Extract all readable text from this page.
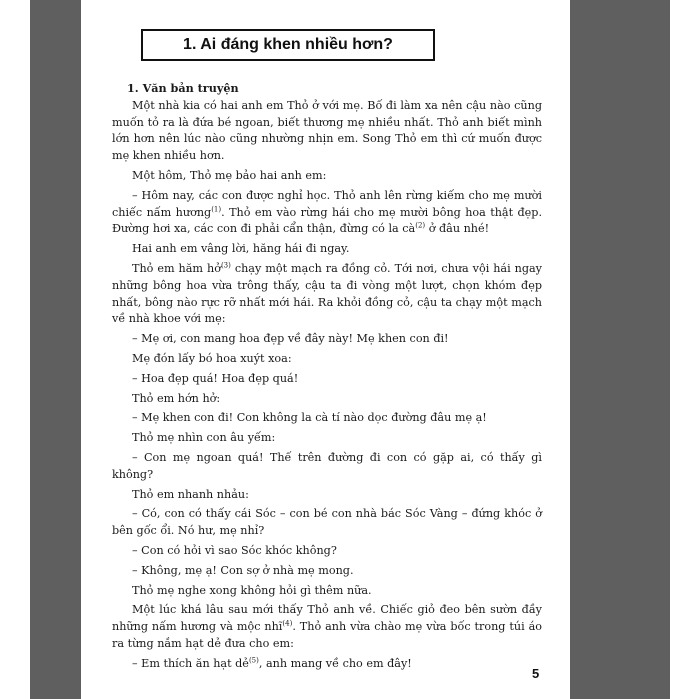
1. Ai đáng khen nhiều hơn?

1. Văn bản truyện

Một nhà kia có hai anh em Thỏ ở với mẹ. Bố đi làm xa nên cậu nào cũng muốn tỏ ra là đứa bé ngoan, biết thương mẹ nhiều nhất. Thỏ anh biết mình lớn hơn nên lúc nào cũng nhường nhịn em. Song Thỏ em thì cứ muốn được mẹ khen nhiều hơn.

Một hôm, Thỏ mẹ bảo hai anh em:

– Hôm nay, các con được nghỉ học. Thỏ anh lên rừng kiếm cho mẹ mười chiếc nấm hương$^{(1)}$. Thỏ em vào rừng hái cho mẹ mười bông hoa thật đẹp. Đường hơi xa, các con đi phải cẩn thận, đừng có la $cà^{(2)}$ ở đâu nhé!

Hai anh em vâng lời, hăng hái đi ngay.

Thỏ em hăm hở$^{(3)}$ chạy một mạch ra đồng cỏ. Tới nơi, chưa vội hái ngay những bông hoa vừa trông thấy, cậu ta đi vòng một lượt, chọn khóm đẹp nhất, bông nào rực rỡ nhất mới hái. Ra khỏi đồng cỏ, cậu ta chạy một mạch về nhà khoe với mẹ:

– Mẹ ơi, con mang hoa đẹp về đây này! Mẹ khen con đi!

Mẹ đón lấy bó hoa xuýt xoa:

– Hoa đẹp quá! Hoa đẹp quá!

Thỏ em hớn hở:

– Mẹ khen con đi! Con không la cà tí nào dọc đường đâu mẹ ạ!

Thỏ mẹ nhìn con âu yếm:

– Con mẹ ngoan quá! Thế trên đường đi con có gặp ai, có thấy gì không?

Thỏ em nhanh nhảu:

– Có, con có thấy cái Sóc – con bé con nhà bác Sóc Vàng – đứng khóc ở bên gốc ổi. Nó hư, mẹ nhỉ?

– Con có hỏi vì sao Sóc khóc không?

– Không, mẹ ạ! Con sợ ở nhà mẹ mong.

Thỏ mẹ nghe xong không hỏi gì thêm nữa.

Một lúc khá lâu sau mới thấy Thỏ anh về. Chiếc giỏ đeo bên sườn đầy những nấm hương và mộc nhĩ$^{(4)}$. Thỏ anh vừa chào mẹ vừa bốc trong túi áo ra từng nắm hạt dẻ đưa cho em:

– Em thích ăn hạt dẻ$^{(5)}$, anh mang về cho em đây!

5
